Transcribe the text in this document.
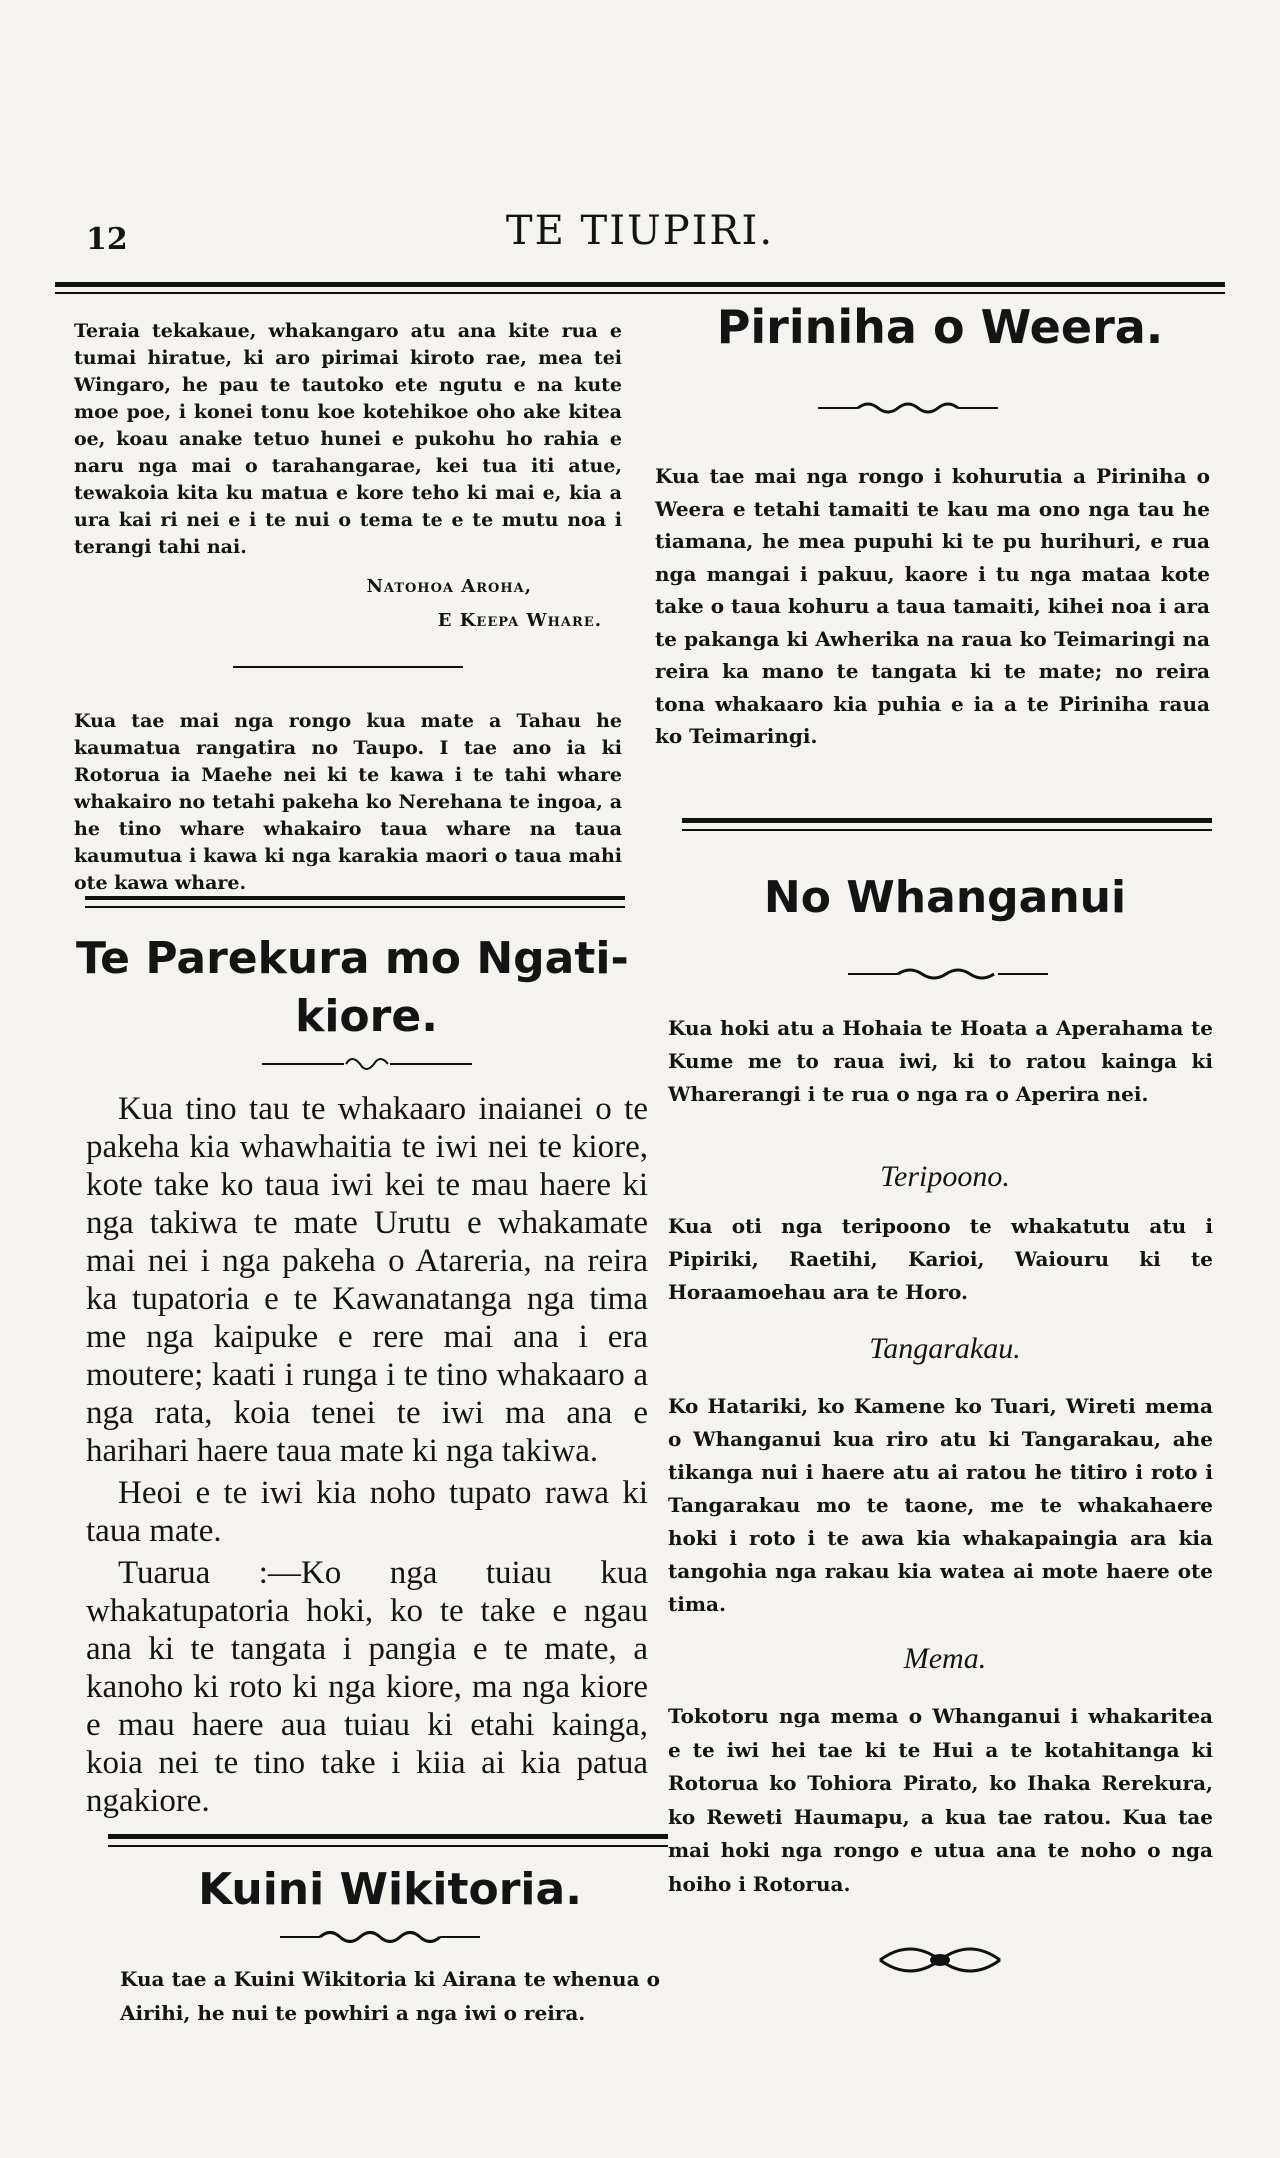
12	TE TIUPIRI.

Teraia tekakaue, whakangaro atu ana kite rua e tumai hiratue, ki aro pirimai kiroto rae, mea tei Wingaro, he pau te tautoko ete ngutu e na kute moe poe, i konei tonu koe kotehikoe oho ake kitea oe, koau anake tetuo hunei e pukohu ho rahia e naru nga mai o tarahangarae, kei tua iti atue, tewakoia kita ku matua e kore teho ki mai e, kia a ura kai ri nei e i te nui o tema te e te mutu noa i terangi tahi nai.

Natohoa Aroha,
E Keepa Whare.

Kua tae mai nga rongo kua mate a Tahau he kaumatua rangatira no Taupo. I tae ano ia ki Rotorua ia Maehe nei ki te kawa i te tahi whare whakairo no tetahi pakeha ko Nerehana te ingoa, a he tino whare whakairo taua whare na taua kaumutua i kawa ki nga karakia maori o taua mahi ote kawa whare.

Te Parekura mo Ngati-
kiore.

Kua tino tau te whakaaro inaianei o te pakeha kia whawhaitia te iwi nei te kiore, kote take ko taua iwi kei te mau haere ki nga takiwa te mate Urutu e whakamate mai nei i nga pakeha o Atareria, na reira ka tupatoria e te Kawanatanga nga tima me nga kaipuke e rere mai ana i era moutere; kaati i runga i te tino whakaaro a nga rata, koia tenei te iwi ma ana e harihari haere taua mate ki nga takiwa.

Heoi e te iwi kia noho tupato rawa ki taua mate.

Tuarua :—Ko nga tuiau kua whakatupatoria hoki, ko te take e ngau ana ki te tangata i pangia e te mate, a kanoho ki roto ki nga kiore, ma nga kiore e mau haere aua tuiau ki etahi kainga, koia nei te tino take i kiia ai kia patua ngakiore.

Kuini Wikitoria.

Kua tae a Kuini Wikitoria ki Airana te whenua o Airihi, he nui te powhiri a nga iwi o reira.

Piriniha o Weera.

Kua tae mai nga rongo i kohurutia a Piriniha o Weera e tetahi tamaiti te kau ma ono nga tau he tiamana, he mea pupuhi ki te pu hurihuri, e rua nga mangai i pakuu, kaore i tu nga mataa kote take o taua kohuru a taua tamaiti, kihei noa i ara te pakanga ki Awherika na raua ko Teimaringi na reira ka mano te tangata ki te mate; no reira tona whakaaro kia puhia e ia a te Piriniha raua ko Teimaringi.

No Whanganui

Kua hoki atu a Hohaia te Hoata a Aperahama te Kume me to raua iwi, ki to ratou kainga ki Wharerangi i te rua o nga ra o Aperira nei.

Teripoono.

Kua oti nga teripoono te whakatutu atu i Pipiriki, Raetihi, Karioi, Waiouru ki te Horaamoehau ara te Horo.

Tangarakau.

Ko Hatariki, ko Kamene ko Tuari, Wireti mema o Whanganui kua riro atu ki Tangarakau, ahe tikanga nui i haere atu ai ratou he titiro i roto i Tangarakau mo te taone, me te whakahaere hoki i roto i te awa kia whakapaingia ara kia tangohia nga rakau kia watea ai mote haere ote tima.

Mema.

Tokotoru nga mema o Whanganui i whakaritea e te iwi hei tae ki te Hui a te kotahitanga ki Rotorua ko Tohiora Pirato, ko Ihaka Rerekura, ko Reweti Haumapu, a kua tae ratou. Kua tae mai hoki nga rongo e utua ana te noho o nga hoiho i Rotorua.
